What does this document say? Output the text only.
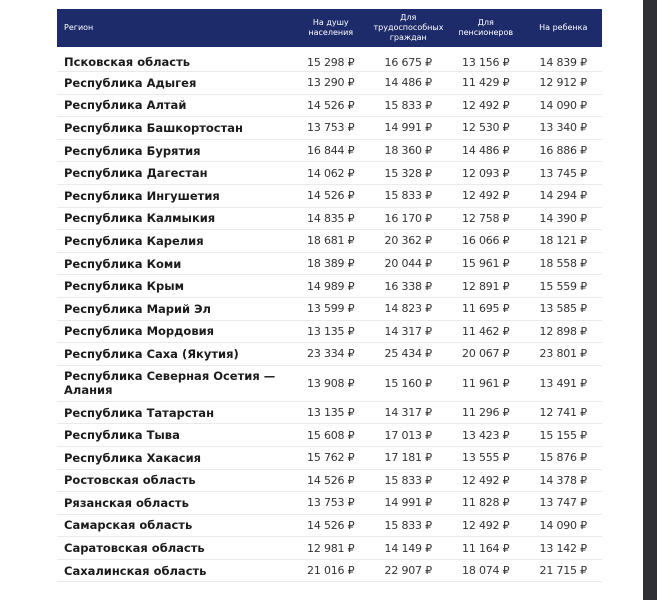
Регион	На душу населения	Для трудоспособных граждан	Для пенсионеров	На ребенка
Псковская область	15 298 ₽	16 675 ₽	13 156 ₽	14 839 ₽
Республика Адыгея	13 290 ₽	14 486 ₽	11 429 ₽	12 912 ₽
Республика Алтай	14 526 ₽	15 833 ₽	12 492 ₽	14 090 ₽
Республика Башкортостан	13 753 ₽	14 991 ₽	12 530 ₽	13 340 ₽
Республика Бурятия	16 844 ₽	18 360 ₽	14 486 ₽	16 886 ₽
Республика Дагестан	14 062 ₽	15 328 ₽	12 093 ₽	13 745 ₽
Республика Ингушетия	14 526 ₽	15 833 ₽	12 492 ₽	14 294 ₽
Республика Калмыкия	14 835 ₽	16 170 ₽	12 758 ₽	14 390 ₽
Республика Карелия	18 681 ₽	20 362 ₽	16 066 ₽	18 121 ₽
Республика Коми	18 389 ₽	20 044 ₽	15 961 ₽	18 558 ₽
Республика Крым	14 989 ₽	16 338 ₽	12 891 ₽	15 559 ₽
Республика Марий Эл	13 599 ₽	14 823 ₽	11 695 ₽	13 585 ₽
Республика Мордовия	13 135 ₽	14 317 ₽	11 462 ₽	12 898 ₽
Республика Саха (Якутия)	23 334 ₽	25 434 ₽	20 067 ₽	23 801 ₽
Республика Северная Осетия — Алания	13 908 ₽	15 160 ₽	11 961 ₽	13 491 ₽
Республика Татарстан	13 135 ₽	14 317 ₽	11 296 ₽	12 741 ₽
Республика Тыва	15 608 ₽	17 013 ₽	13 423 ₽	15 155 ₽
Республика Хакасия	15 762 ₽	17 181 ₽	13 555 ₽	15 876 ₽
Ростовская область	14 526 ₽	15 833 ₽	12 492 ₽	14 378 ₽
Рязанская область	13 753 ₽	14 991 ₽	11 828 ₽	13 747 ₽
Самарская область	14 526 ₽	15 833 ₽	12 492 ₽	14 090 ₽
Саратовская область	12 981 ₽	14 149 ₽	11 164 ₽	13 142 ₽
Сахалинская область	21 016 ₽	22 907 ₽	18 074 ₽	21 715 ₽
